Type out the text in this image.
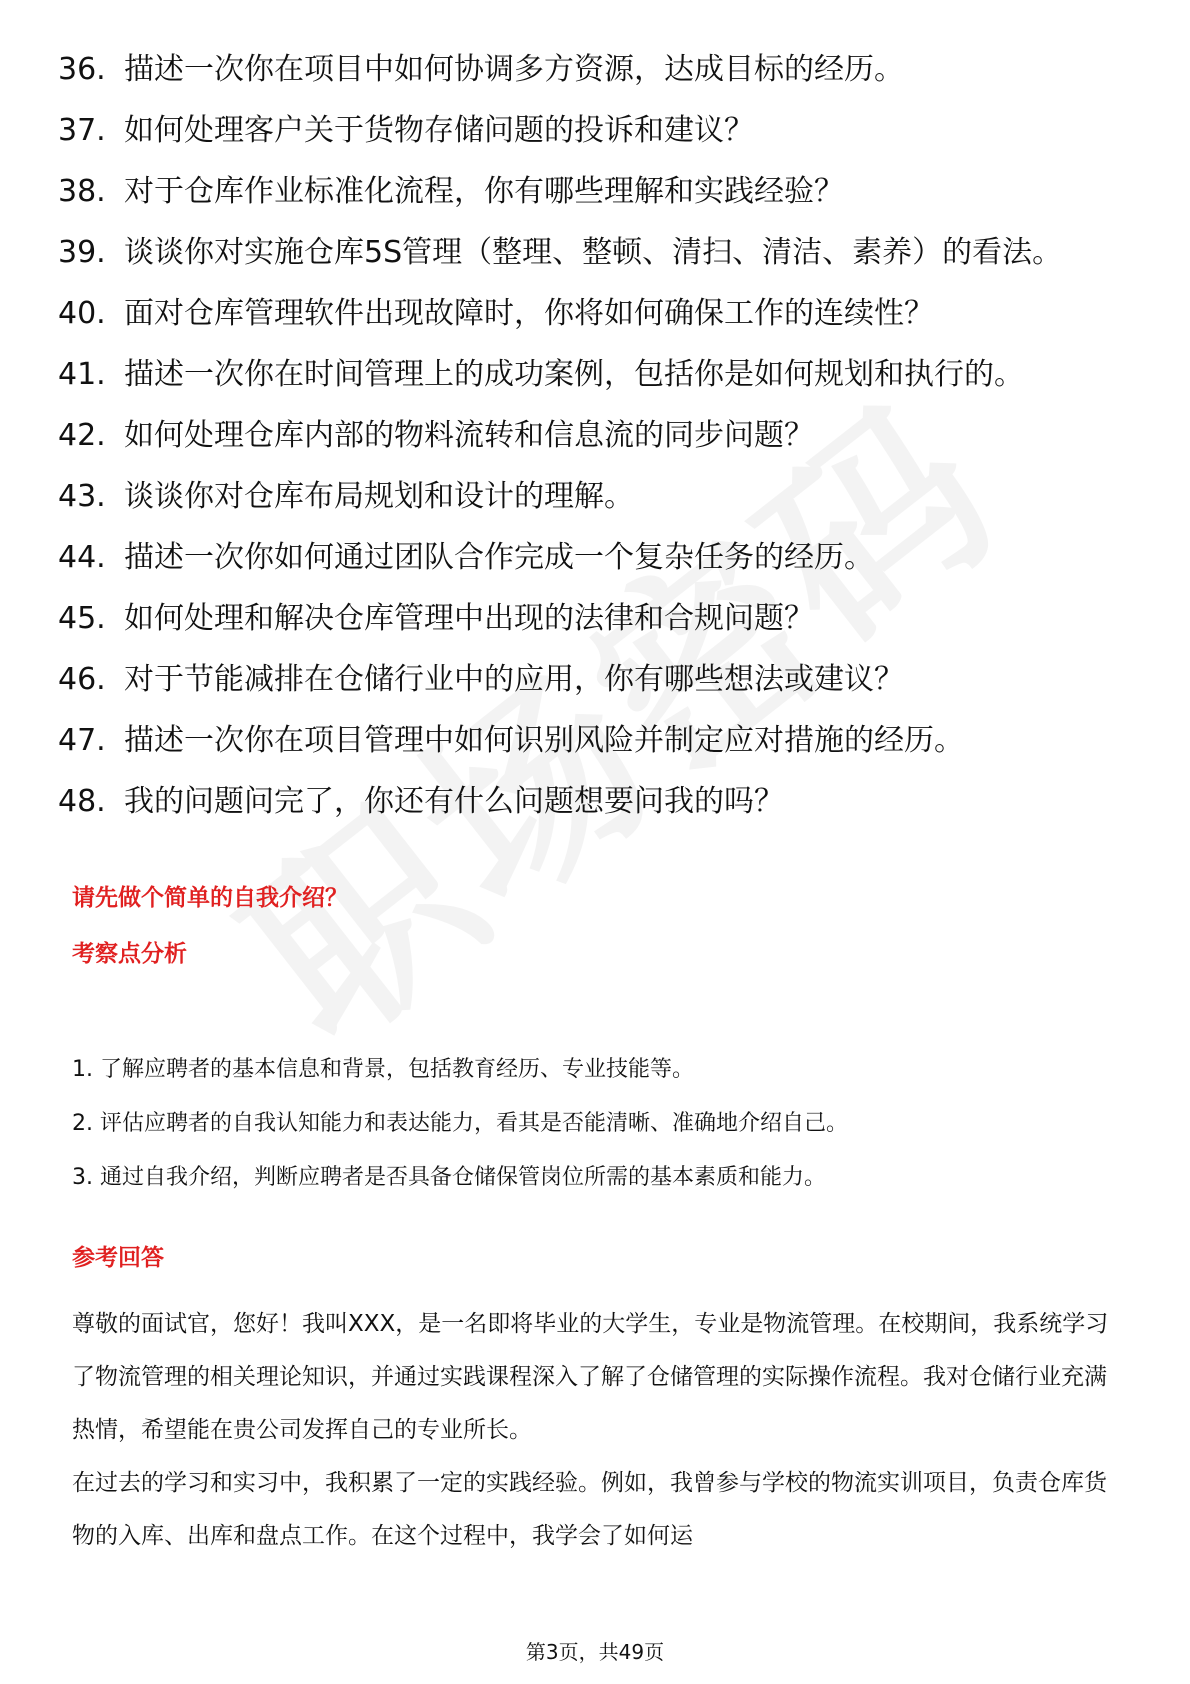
36. 描述一次你在项目中如何协调多方资源，达成目标的经历。
37. 如何处理客户关于货物存储问题的投诉和建议？
38. 对于仓库作业标准化流程，你有哪些理解和实践经验？
39. 谈谈你对实施仓库5S管理（整理、整顿、清扫、清洁、素养）的看法。
40. 面对仓库管理软件出现故障时，你将如何确保工作的连续性？
41. 描述一次你在时间管理上的成功案例，包括你是如何规划和执行的。
42. 如何处理仓库内部的物料流转和信息流的同步问题？
43. 谈谈你对仓库布局规划和设计的理解。
44. 描述一次你如何通过团队合作完成一个复杂任务的经历。
45. 如何处理和解决仓库管理中出现的法律和合规问题？
46. 对于节能减排在仓储行业中的应用，你有哪些想法或建议？
47. 描述一次你在项目管理中如何识别风险并制定应对措施的经历。
48. 我的问题问完了，你还有什么问题想要问我的吗？
请先做个简单的自我介绍？
考察点分析
1. 了解应聘者的基本信息和背景，包括教育经历、专业技能等。
2. 评估应聘者的自我认知能力和表达能力，看其是否能清晰、准确地介绍自己。
3. 通过自我介绍，判断应聘者是否具备仓储保管岗位所需的基本素质和能力。
参考回答

尊敬的面试官，您好！我叫XXX，是一名即将毕业的大学生，专业是物流管理。在校期间，我系统学习了物流管理的相关理论知识，并通过实践课程深入了解了仓储管理的实际操作流程。我对仓储行业充满热情，希望能在贵公司发挥自己的专业所长。

在过去的学习和实习中，我积累了一定的实践经验。例如，我曾参与学校的物流实训项目，负责仓库货物的入库、出库和盘点工作。在这个过程中，我学会了如何运

第3页，共49页
